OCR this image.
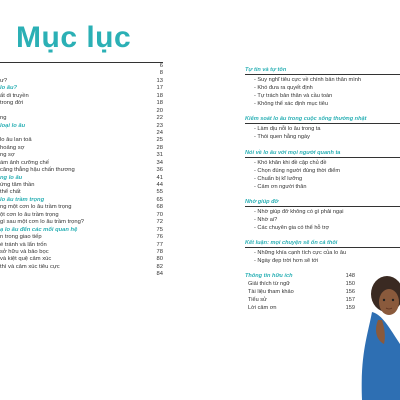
Mục lục
6
8
ư?	13
lo âu?	17
ất di truyền	18
trong đời	18
20
ng	22
loại lo âu	23
24
lo âu lan toả	25
hoảng sợ	28
ng sợ	31
ám ảnh cưỡng chế	34
căng thẳng hậu chấn thương	36
ng lo âu	41
ứng tâm thần	44
thể chất	55
lo âu trầm trọng	65
ng một cơn lo âu trầm trọng	68
ột cơn lo âu trầm trọng	70
gì sau một cơn lo âu trầm trọng?	72
ạ lo âu đến các mối quan hệ	75
n trong giao tiếp	76
é tránh và lẩn trốn	77
sở hữu và bảo bọc	78
và kiệt quệ cảm xúc	80
thì và cảm xúc tiêu cực	82
84
Tự tin và tự tôn
- Suy nghĩ tiêu cực về chính bản thân mình
- Khó đưa ra quyết định
- Tự trách bản thân và cầu toàn
- Không thể xác định mục tiêu
Kiểm soát lo âu trong cuộc sống thường nhật
- Làm dịu nỗi lo âu trong ta
- Thói quen hằng ngày
Nói về lo âu với mọi người quanh ta
- Khó khăn khi đề cập chủ đề
- Chọn đúng người đúng thời điểm
- Chuẩn bị kĩ lưỡng
- Cảm ơn người thân
Nhờ giúp đỡ
- Nhờ giúp đỡ không có gì phải ngại
- Nhờ ai?
- Các chuyên gia có thể hỗ trợ
Kết luận: mọi chuyện sẽ ổn cả thôi
- Những khía cạnh tích cực của lo âu
- Ngày đẹp trời hơn sẽ tới
Thông tin hữu ích	148
Giải thích từ ngữ	150
Tài liệu tham khảo	156
Tiểu sử	157
Lời cảm ơn	159
